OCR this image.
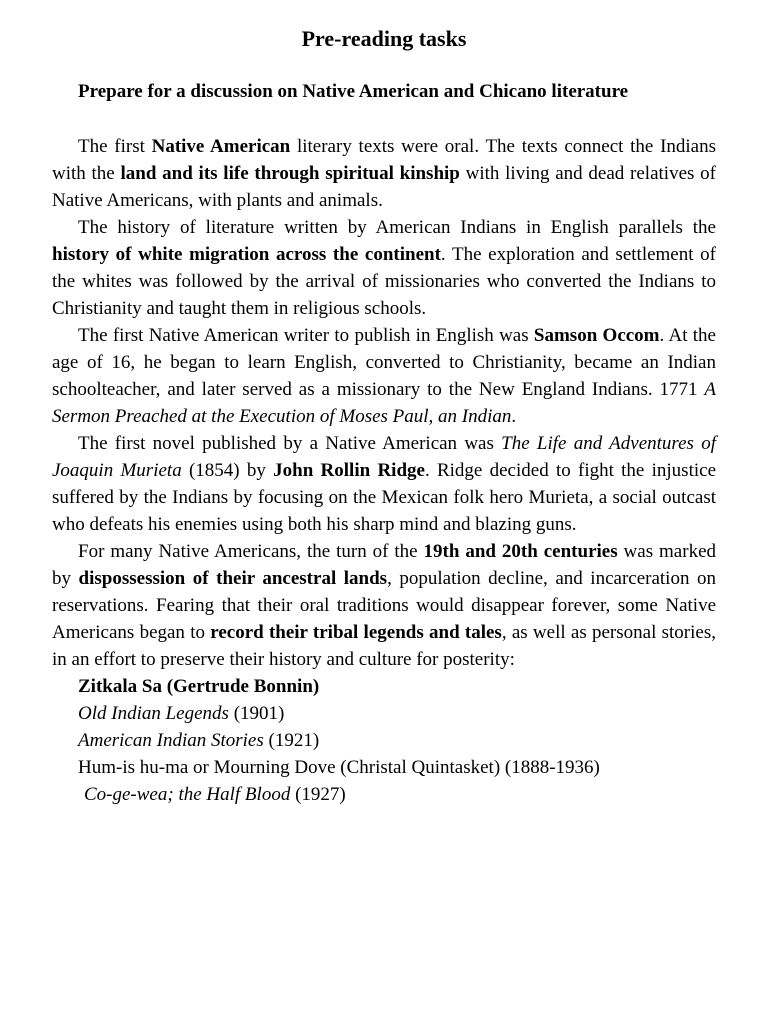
Pre-reading tasks
Prepare for a discussion on Native American and Chicano literature

The first Native American literary texts were oral. The texts connect the Indians with the land and its life through spiritual kinship with living and dead relatives of Native Americans, with plants and animals.

The history of literature written by American Indians in English parallels the history of white migration across the continent. The exploration and settlement of the whites was followed by the arrival of missionaries who converted the Indians to Christianity and taught them in religious schools.

The first Native American writer to publish in English was Samson Occom. At the age of 16, he began to learn English, converted to Christianity, became an Indian schoolteacher, and later served as a missionary to the New England Indians. 1771 A Sermon Preached at the Execution of Moses Paul, an Indian.

The first novel published by a Native American was The Life and Adventures of Joaquin Murieta (1854) by John Rollin Ridge. Ridge decided to fight the injustice suffered by the Indians by focusing on the Mexican folk hero Murieta, a social outcast who defeats his enemies using both his sharp mind and blazing guns.

For many Native Americans, the turn of the 19th and 20th centuries was marked by dispossession of their ancestral lands, population decline, and incarceration on reservations. Fearing that their oral traditions would disappear forever, some Native Americans began to record their tribal legends and tales, as well as personal stories, in an effort to preserve their history and culture for posterity:

Zitkala Sa (Gertrude Bonnin)

Old Indian Legends (1901)

American Indian Stories (1921)

Hum-is hu-ma or Mourning Dove (Christal Quintasket) (1888-1936)

Co-ge-wea; the Half Blood (1927)
